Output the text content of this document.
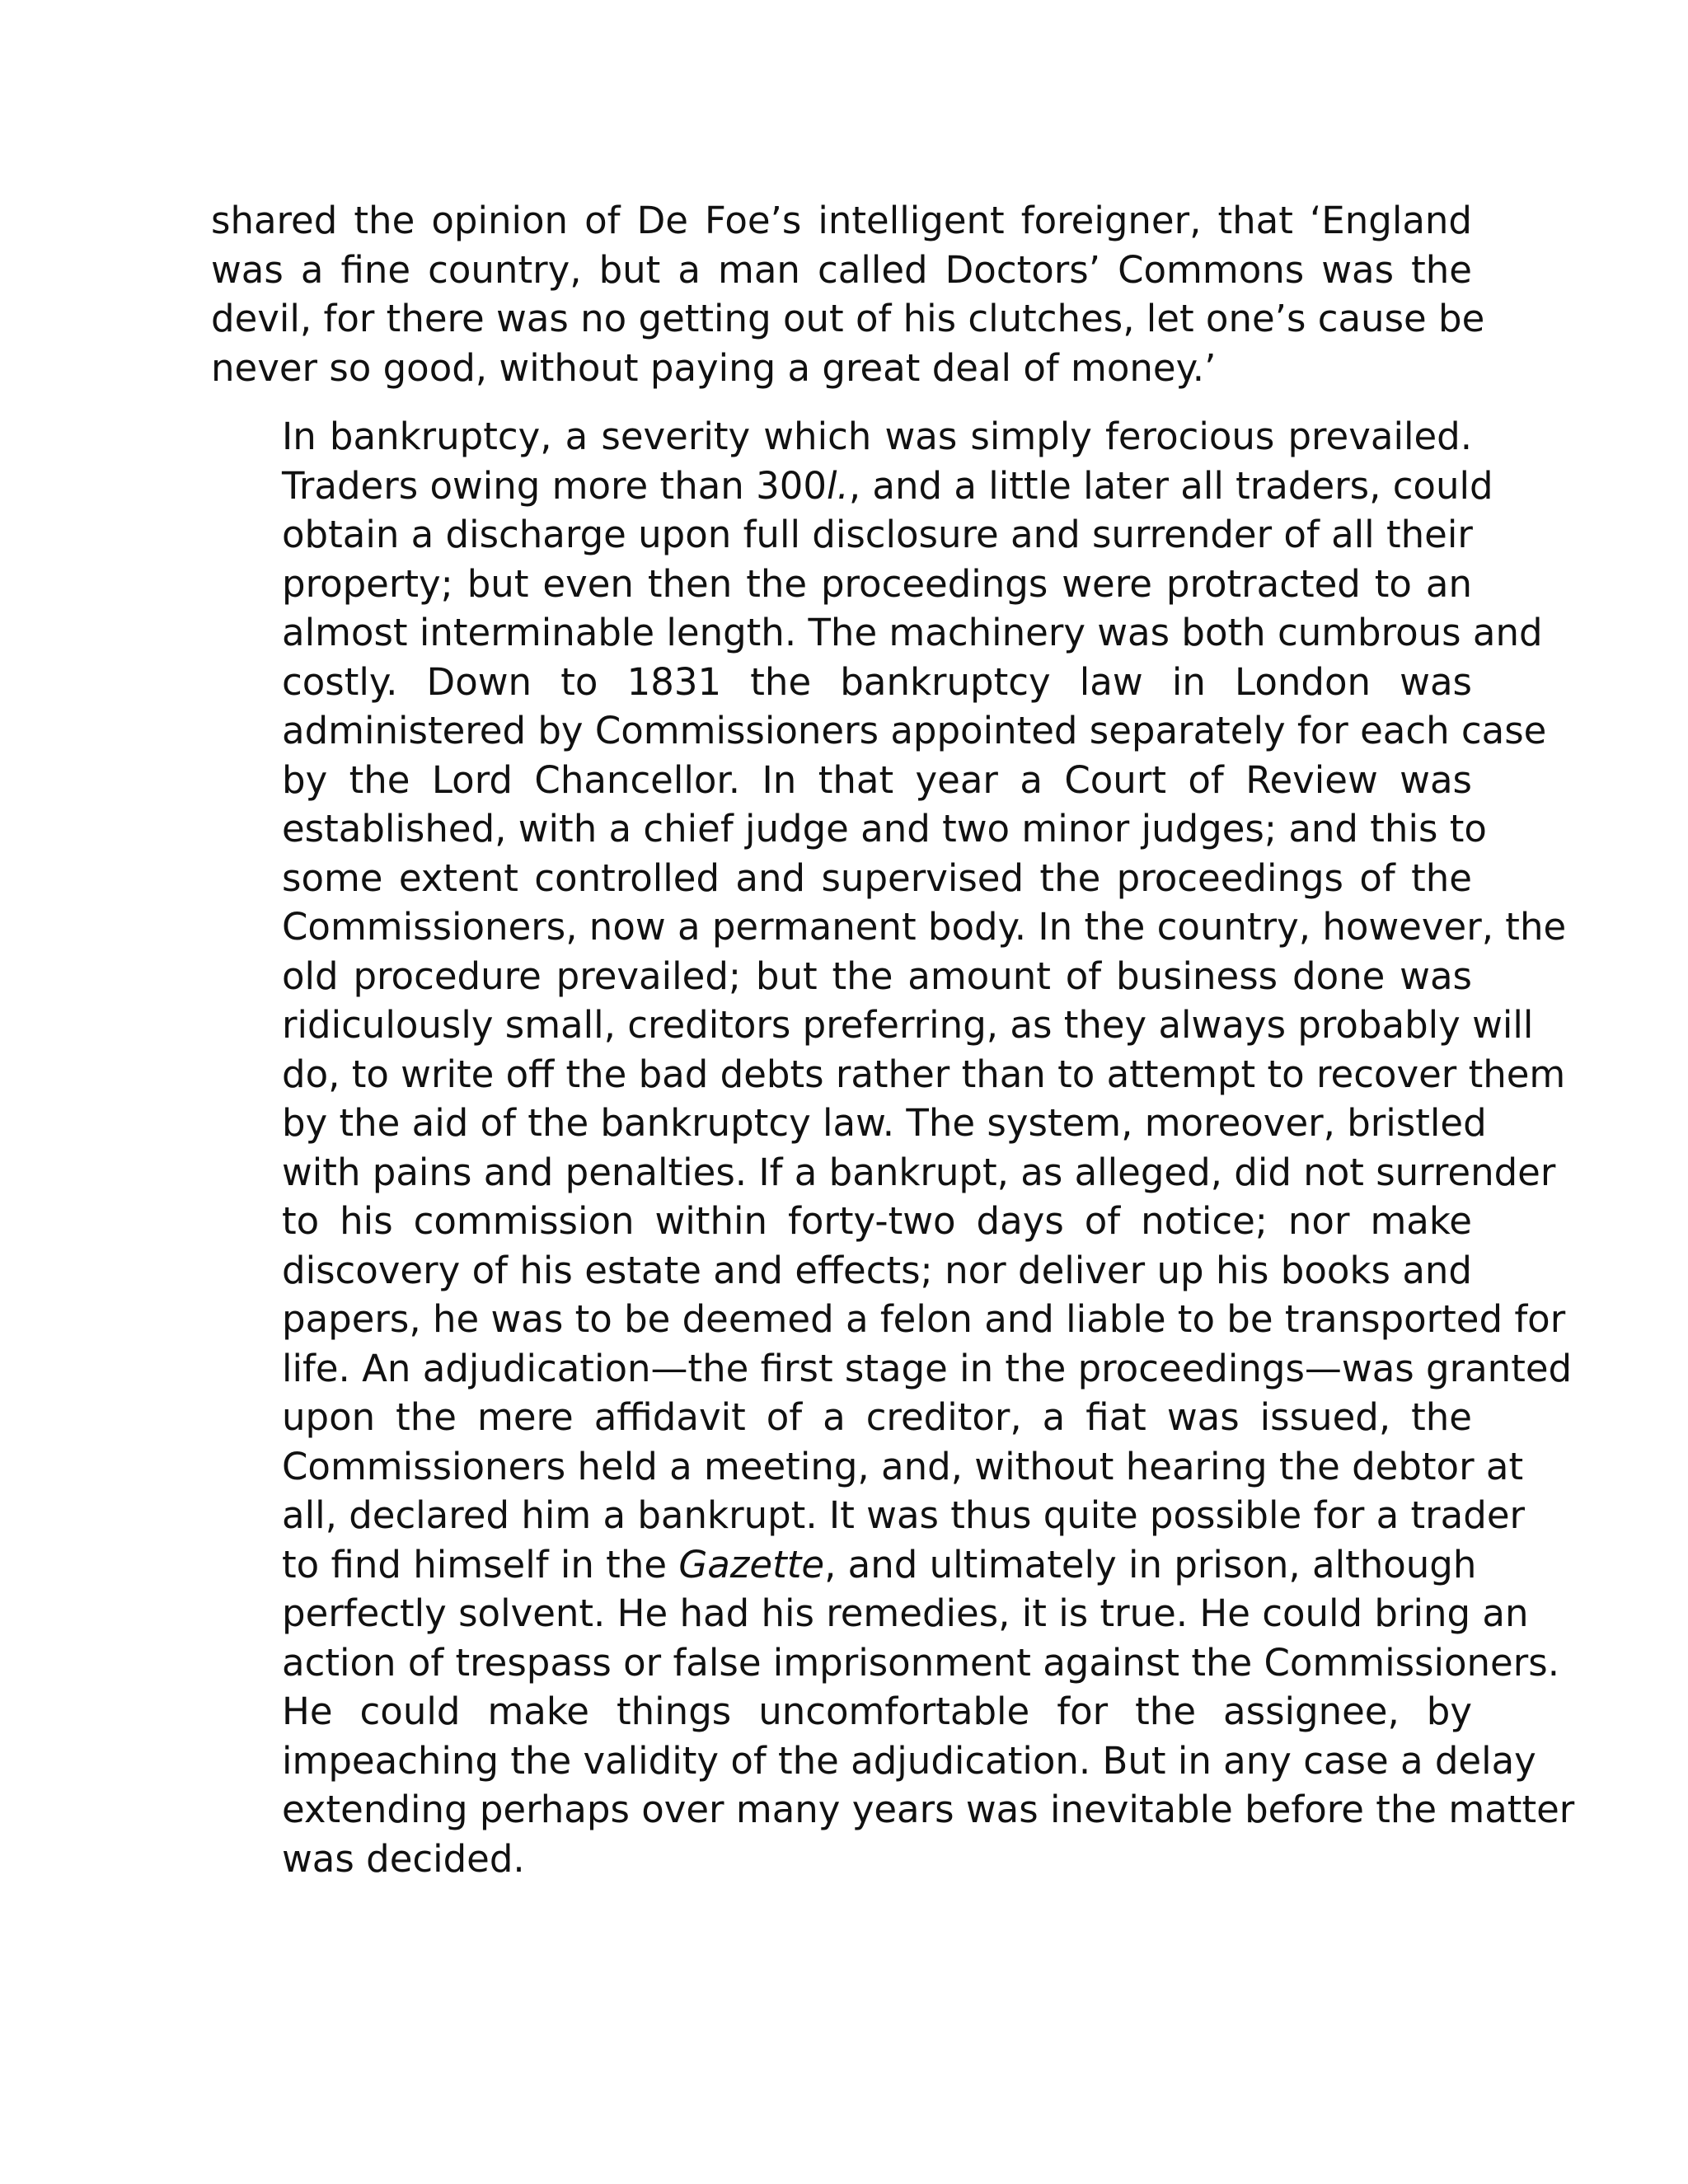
shared the opinion of De Foe’s intelligent foreigner, that ‘England
was a fine country, but a man called Doctors’ Commons was the
devil, for there was no getting out of his clutches, let one’s cause be
never so good, without paying a great deal of money.’
In bankruptcy, a severity which was simply ferocious prevailed.
Traders owing more than 300l., and a little later all traders, could
obtain a discharge upon full disclosure and surrender of all their
property; but even then the proceedings were protracted to an
almost interminable length. The machinery was both cumbrous and
costly. Down to 1831 the bankruptcy law in London was
administered by Commissioners appointed separately for each case
by the Lord Chancellor. In that year a Court of Review was
established, with a chief judge and two minor judges; and this to
some extent controlled and supervised the proceedings of the
Commissioners, now a permanent body. In the country, however, the
old procedure prevailed; but the amount of business done was
ridiculously small, creditors preferring, as they always probably will
do, to write off the bad debts rather than to attempt to recover them
by the aid of the bankruptcy law. The system, moreover, bristled
with pains and penalties. If a bankrupt, as alleged, did not surrender
to his commission within forty-two days of notice; nor make
discovery of his estate and effects; nor deliver up his books and
papers, he was to be deemed a felon and liable to be transported for
life. An adjudication—the first stage in the proceedings—was granted
upon the mere affidavit of a creditor, a fiat was issued, the
Commissioners held a meeting, and, without hearing the debtor at
all, declared him a bankrupt. It was thus quite possible for a trader
to find himself in the Gazette, and ultimately in prison, although
perfectly solvent. He had his remedies, it is true. He could bring an
action of trespass or false imprisonment against the Commissioners.
He could make things uncomfortable for the assignee, by
impeaching the validity of the adjudication. But in any case a delay
extending perhaps over many years was inevitable before the matter
was decided.
